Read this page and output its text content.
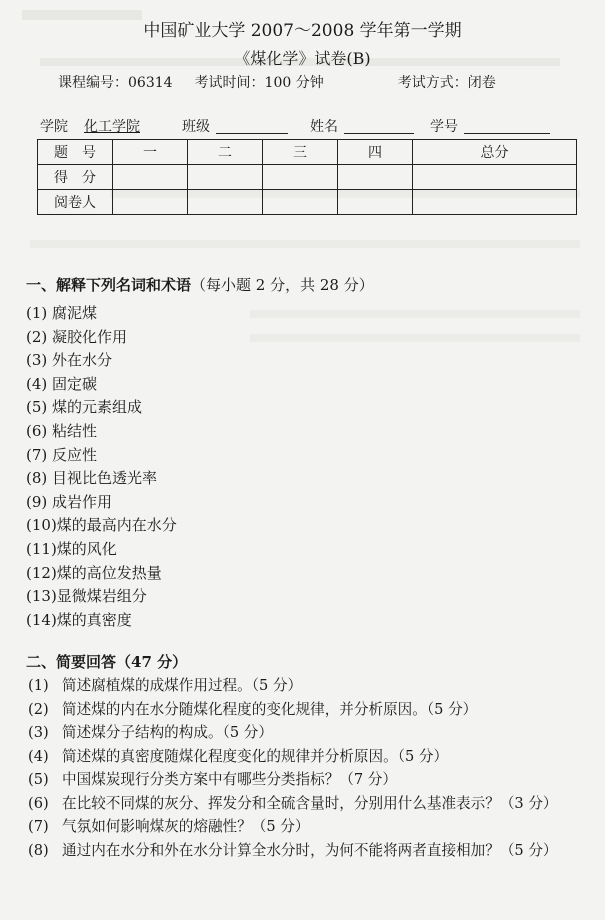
中国矿业大学 2007～2008 学年第一学期
《煤化学》试卷(B)
课程编号：06314 考试时间：100 分钟	考试方式：闭卷
学院 化工学院	班级	姓名	学号
题　号	一	二	三	四	总分
得　分					
阅卷人					
一、解释下列名词和术语（每小题 2 分，共 28 分）
(1) 腐泥煤
(2) 凝胶化作用
(3) 外在水分
(4) 固定碳
(5) 煤的元素组成
(6) 粘结性
(7) 反应性
(8) 目视比色透光率
(9) 成岩作用
(10)煤的最高内在水分
(11)煤的风化
(12)煤的高位发热量
(13)显微煤岩组分
(14)煤的真密度
二、简要回答（47 分）
(1) 简述腐植煤的成煤作用过程。（5 分）
(2) 简述煤的内在水分随煤化程度的变化规律，并分析原因。（5 分）
(3) 简述煤分子结构的构成。（5 分）
(4) 简述煤的真密度随煤化程度变化的规律并分析原因。（5 分）
(5) 中国煤炭现行分类方案中有哪些分类指标？（7 分）
(6) 在比较不同煤的灰分、挥发分和全硫含量时，分别用什么基准表示？（3 分）
(7) 气氛如何影响煤灰的熔融性？（5 分）
(8) 通过内在水分和外在水分计算全水分时，为何不能将两者直接相加？（5 分）
